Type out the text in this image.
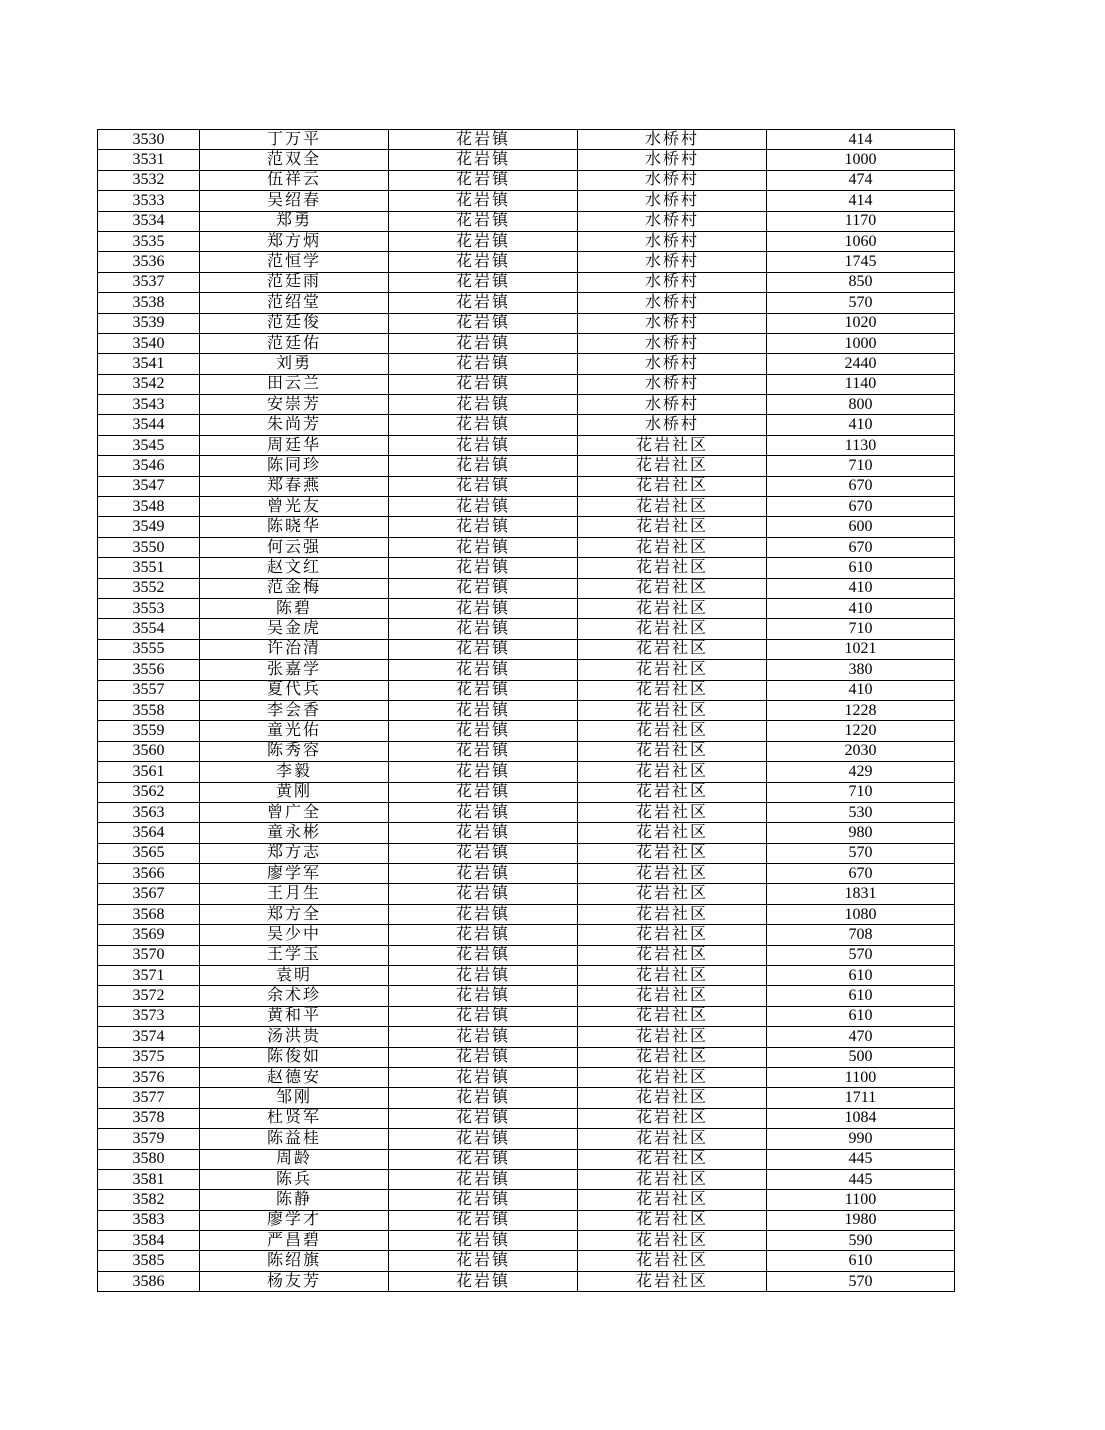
3530	丁万平	花岩镇	水桥村	414
3531	范双全	花岩镇	水桥村	1000
3532	伍祥云	花岩镇	水桥村	474
3533	吴绍春	花岩镇	水桥村	414
3534	郑勇	花岩镇	水桥村	1170
3535	郑方炳	花岩镇	水桥村	1060
3536	范恒学	花岩镇	水桥村	1745
3537	范廷雨	花岩镇	水桥村	850
3538	范绍堂	花岩镇	水桥村	570
3539	范廷俊	花岩镇	水桥村	1020
3540	范廷佑	花岩镇	水桥村	1000
3541	刘勇	花岩镇	水桥村	2440
3542	田云兰	花岩镇	水桥村	1140
3543	安崇芳	花岩镇	水桥村	800
3544	朱尚芳	花岩镇	水桥村	410
3545	周廷华	花岩镇	花岩社区	1130
3546	陈同珍	花岩镇	花岩社区	710
3547	郑春燕	花岩镇	花岩社区	670
3548	曾光友	花岩镇	花岩社区	670
3549	陈晓华	花岩镇	花岩社区	600
3550	何云强	花岩镇	花岩社区	670
3551	赵文红	花岩镇	花岩社区	610
3552	范金梅	花岩镇	花岩社区	410
3553	陈碧	花岩镇	花岩社区	410
3554	吴金虎	花岩镇	花岩社区	710
3555	许治清	花岩镇	花岩社区	1021
3556	张嘉学	花岩镇	花岩社区	380
3557	夏代兵	花岩镇	花岩社区	410
3558	李会香	花岩镇	花岩社区	1228
3559	童光佑	花岩镇	花岩社区	1220
3560	陈秀容	花岩镇	花岩社区	2030
3561	李毅	花岩镇	花岩社区	429
3562	黄刚	花岩镇	花岩社区	710
3563	曾广全	花岩镇	花岩社区	530
3564	童永彬	花岩镇	花岩社区	980
3565	郑方志	花岩镇	花岩社区	570
3566	廖学军	花岩镇	花岩社区	670
3567	王月生	花岩镇	花岩社区	1831
3568	郑方全	花岩镇	花岩社区	1080
3569	吴少中	花岩镇	花岩社区	708
3570	王学玉	花岩镇	花岩社区	570
3571	袁明	花岩镇	花岩社区	610
3572	余术珍	花岩镇	花岩社区	610
3573	黄和平	花岩镇	花岩社区	610
3574	汤洪贵	花岩镇	花岩社区	470
3575	陈俊如	花岩镇	花岩社区	500
3576	赵德安	花岩镇	花岩社区	1100
3577	邹刚	花岩镇	花岩社区	1711
3578	杜贤军	花岩镇	花岩社区	1084
3579	陈益桂	花岩镇	花岩社区	990
3580	周龄	花岩镇	花岩社区	445
3581	陈兵	花岩镇	花岩社区	445
3582	陈静	花岩镇	花岩社区	1100
3583	廖学才	花岩镇	花岩社区	1980
3584	严昌碧	花岩镇	花岩社区	590
3585	陈绍旗	花岩镇	花岩社区	610
3586	杨友芳	花岩镇	花岩社区	570
